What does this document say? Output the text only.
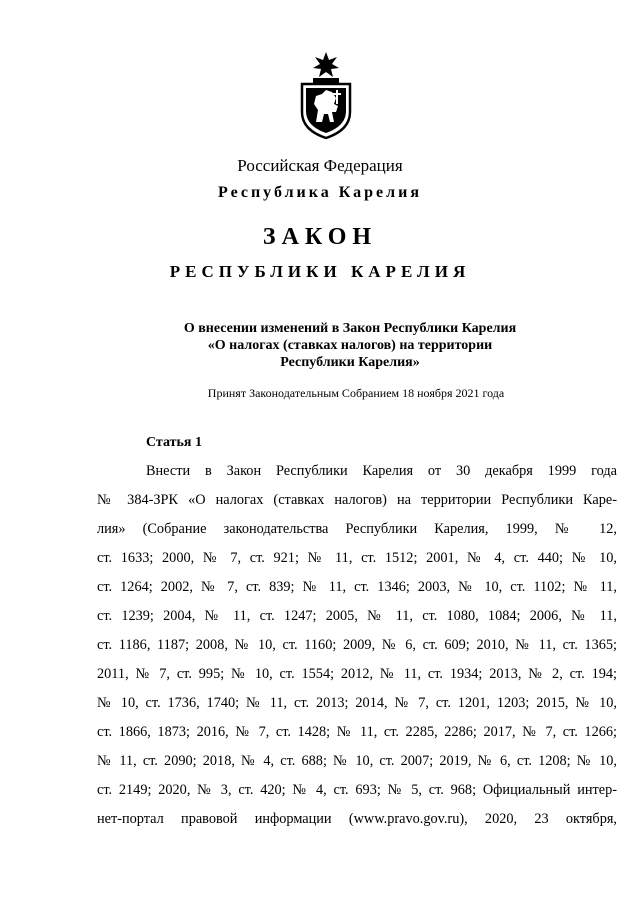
Российская Федерация
Республика Карелия
ЗАКОН
РЕСПУБЛИКИ КАРЕЛИЯ
О внесении изменений в Закон Республики Карелия
«О налогах (ставках налогов) на территории
Республики Карелия»
Принят Законодательным Собранием 18 ноября 2021 года
Статья 1
Внести в Закон Республики Карелия от 30 декабря 1999 года
№ 384-ЗРК «О налогах (ставках налогов) на территории Республики Каре-
лия» (Собрание законодательства Республики Карелия, 1999, № 12,
ст. 1633; 2000, № 7, ст. 921; № 11, ст. 1512; 2001, № 4, ст. 440; № 10,
ст. 1264; 2002, № 7, ст. 839; № 11, ст. 1346; 2003, № 10, ст. 1102; № 11,
ст. 1239; 2004, № 11, ст. 1247; 2005, № 11, ст. 1080, 1084; 2006, № 11,
ст. 1186, 1187; 2008, № 10, ст. 1160; 2009, № 6, ст. 609; 2010, № 11, ст. 1365;
2011, № 7, ст. 995; № 10, ст. 1554; 2012, № 11, ст. 1934; 2013, № 2, ст. 194;
№ 10, ст. 1736, 1740; № 11, ст. 2013; 2014, № 7, ст. 1201, 1203; 2015, № 10,
ст. 1866, 1873; 2016, № 7, ст. 1428; № 11, ст. 2285, 2286; 2017, № 7, ст. 1266;
№ 11, ст. 2090; 2018, № 4, ст. 688; № 10, ст. 2007; 2019, № 6, ст. 1208; № 10,
ст. 2149; 2020, № 3, ст. 420; № 4, ст. 693; № 5, ст. 968; Официальный интер-
нет-портал правовой информации (www.pravo.gov.ru), 2020, 23 октября,
